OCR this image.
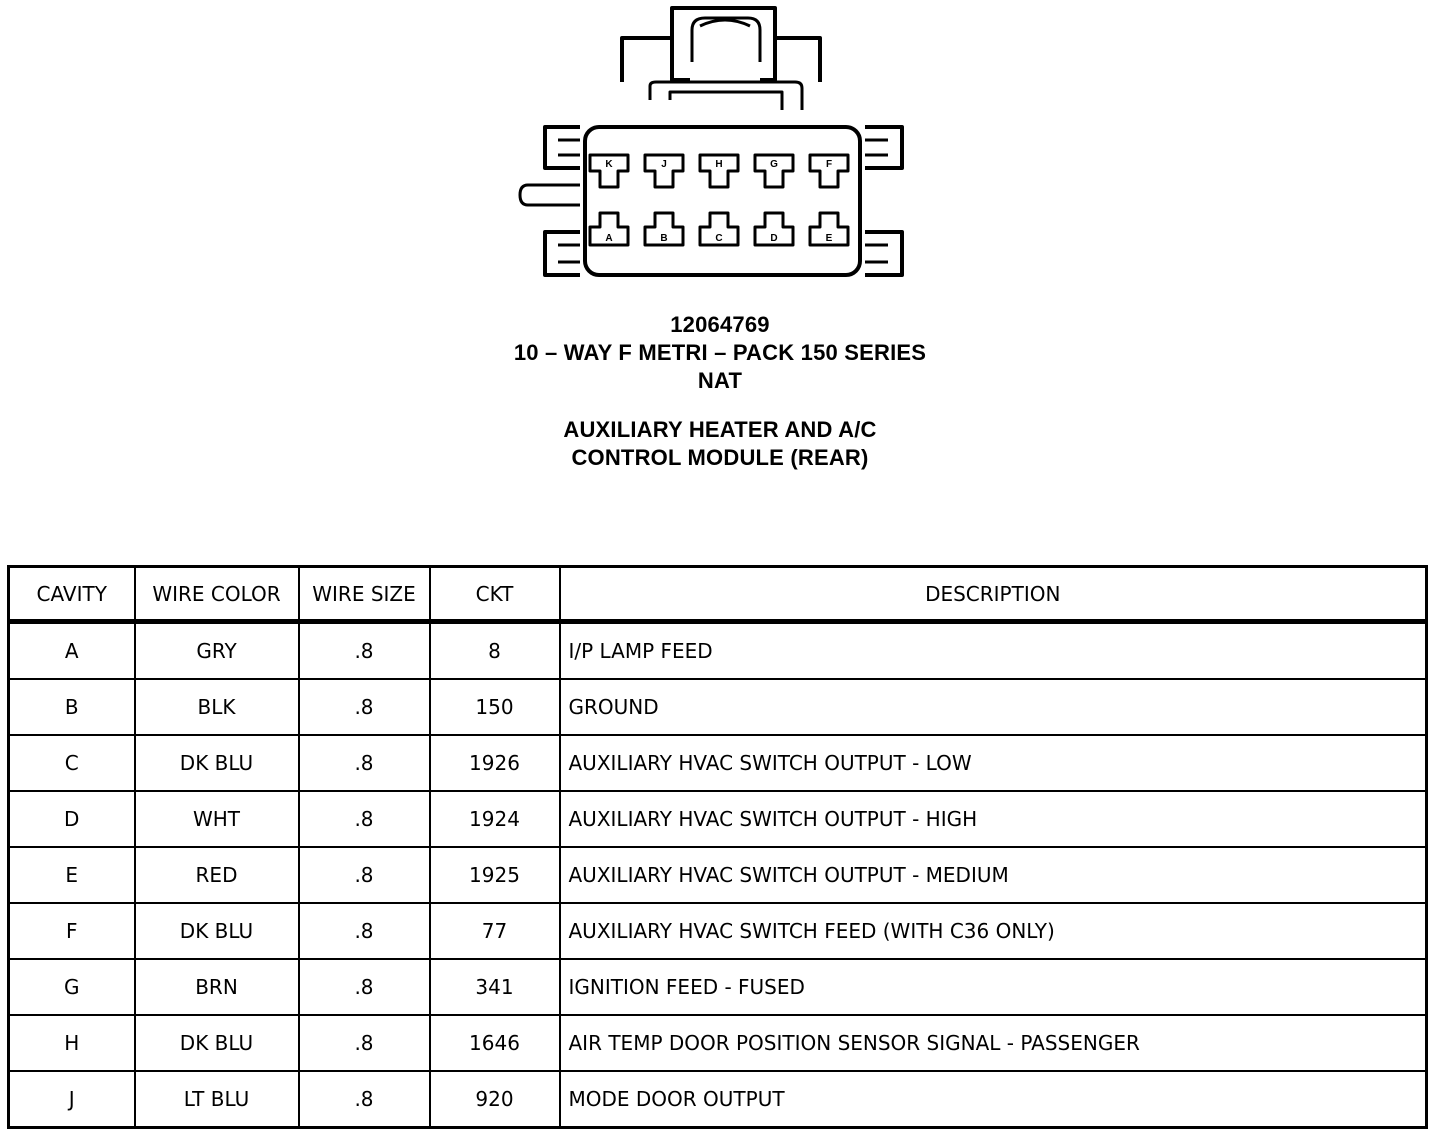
K	J	H	G	F
A	B	C	D	E
12064769
10 – WAY F METRI – PACK 150 SERIES
NAT
AUXILIARY HEATER AND A/C
CONTROL MODULE (REAR)
CAVITY	WIRE COLOR	WIRE SIZE	CKT	DESCRIPTION
A	GRY	.8	8	I/P LAMP FEED
B	BLK	.8	150	GROUND
C	DK BLU	.8	1926	AUXILIARY HVAC SWITCH OUTPUT - LOW
D	WHT	.8	1924	AUXILIARY HVAC SWITCH OUTPUT - HIGH
E	RED	.8	1925	AUXILIARY HVAC SWITCH OUTPUT - MEDIUM
F	DK BLU	.8	77	AUXILIARY HVAC SWITCH FEED (WITH C36 ONLY)
G	BRN	.8	341	IGNITION FEED - FUSED
H	DK BLU	.8	1646	AIR TEMP DOOR POSITION SENSOR SIGNAL - PASSENGER
J	LT BLU	.8	920	MODE DOOR OUTPUT
